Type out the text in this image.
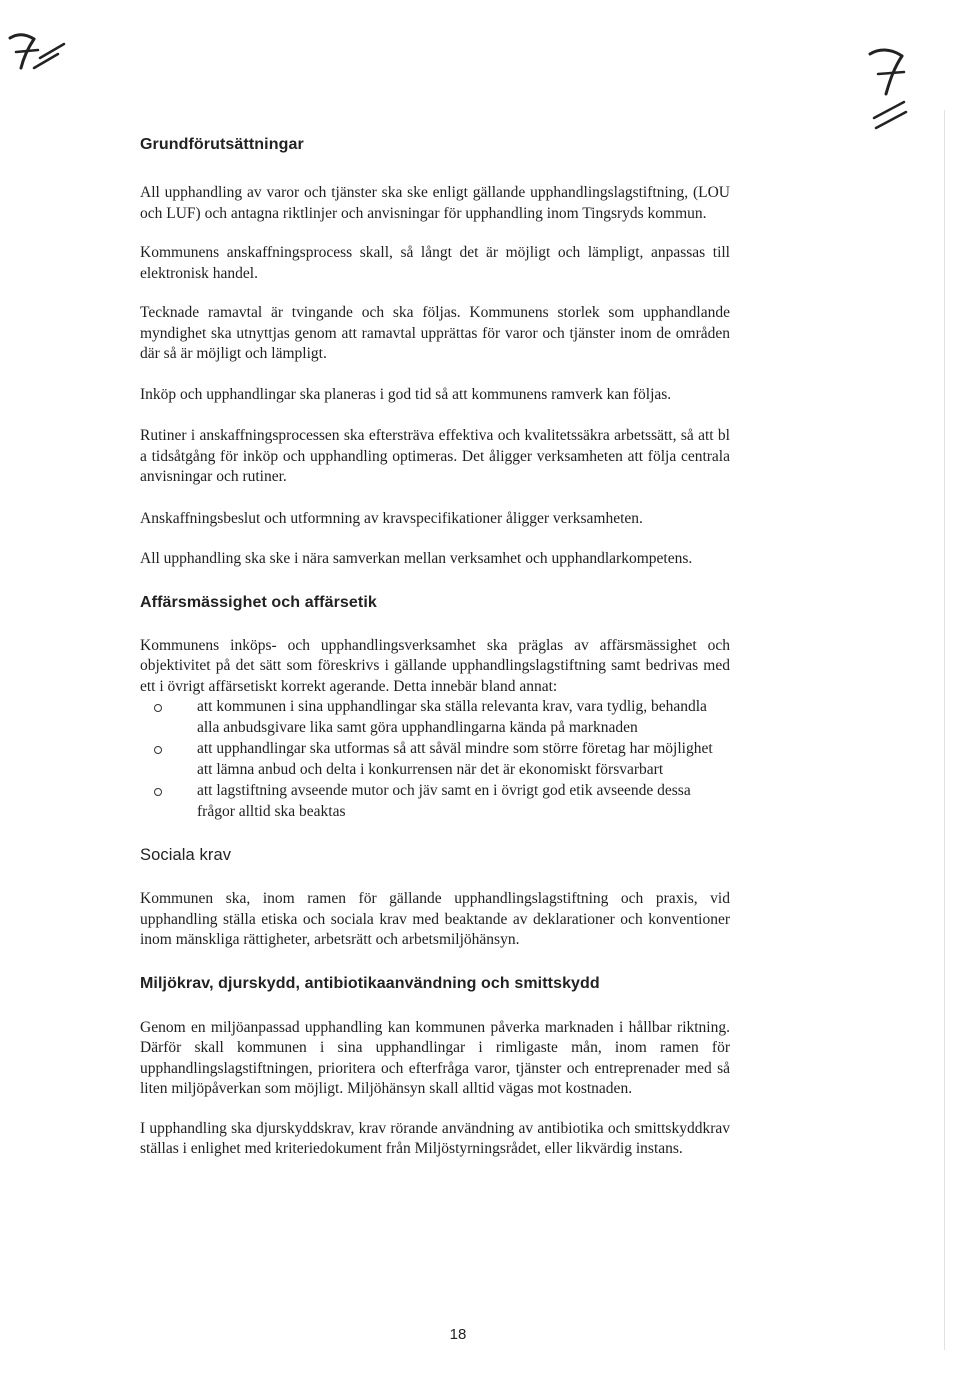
Grundförutsättningar

All upphandling av varor och tjänster ska ske enligt gällande upphandlingslagstiftning, (LOU och LUF) och antagna riktlinjer och anvisningar för upphandling inom Tingsryds kommun.

Kommunens anskaffningsprocess skall, så långt det är möjligt och lämpligt, anpassas till elektronisk handel.

Tecknade ramavtal är tvingande och ska följas. Kommunens storlek som upphandlande myndighet ska utnyttjas genom att ramavtal upprättas för varor och tjänster inom de områden där så är möjligt och lämpligt.

Inköp och upphandlingar ska planeras i god tid så att kommunens ramverk kan följas.

Rutiner i anskaffningsprocessen ska eftersträva effektiva och kvalitetssäkra arbetssätt, så att bl a tidsåtgång för inköp och upphandling optimeras. Det åligger verksamheten att följa centrala anvisningar och rutiner.

Anskaffningsbeslut och utformning av kravspecifikationer åligger verksamheten.

All upphandling ska ske i nära samverkan mellan verksamhet och upphandlarkompetens.

Affärsmässighet och affärsetik

Kommunens inköps- och upphandlingsverksamhet ska präglas av affärsmässighet och objektivitet på det sätt som föreskrivs i gällande upphandlingslagstiftning samt bedrivas med ett i övrigt affärsetiskt korrekt agerande. Detta innebär bland annat:

att kommunen i sina upphandlingar ska ställa relevanta krav, vara tydlig, behandla alla anbudsgivare lika samt göra upphandlingarna kända på marknaden
att upphandlingar ska utformas så att såväl mindre som större företag har möjlighet att lämna anbud och delta i konkurrensen när det är ekonomiskt försvarbart
att lagstiftning avseende mutor och jäv samt en i övrigt god etik avseende dessa frågor alltid ska beaktas
Sociala krav

Kommunen ska, inom ramen för gällande upphandlingslagstiftning och praxis, vid upphandling ställa etiska och sociala krav med beaktande av deklarationer och konventioner inom mänskliga rättigheter, arbetsrätt och arbetsmiljöhänsyn.

Miljökrav, djurskydd, antibiotikaanvändning och smittskydd

Genom en miljöanpassad upphandling kan kommunen påverka marknaden i hållbar riktning. Därför skall kommunen i sina upphandlingar i rimligaste mån, inom ramen för upphandlingslagstiftningen, prioritera och efterfråga varor, tjänster och entreprenader med så liten miljöpåverkan som möjligt. Miljöhänsyn skall alltid vägas mot kostnaden.

I upphandling ska djurskyddskrav, krav rörande användning av antibiotika och smittskyddkrav ställas i enlighet med kriteriedokument från Miljöstyrningsrådet, eller likvärdig instans.

18
